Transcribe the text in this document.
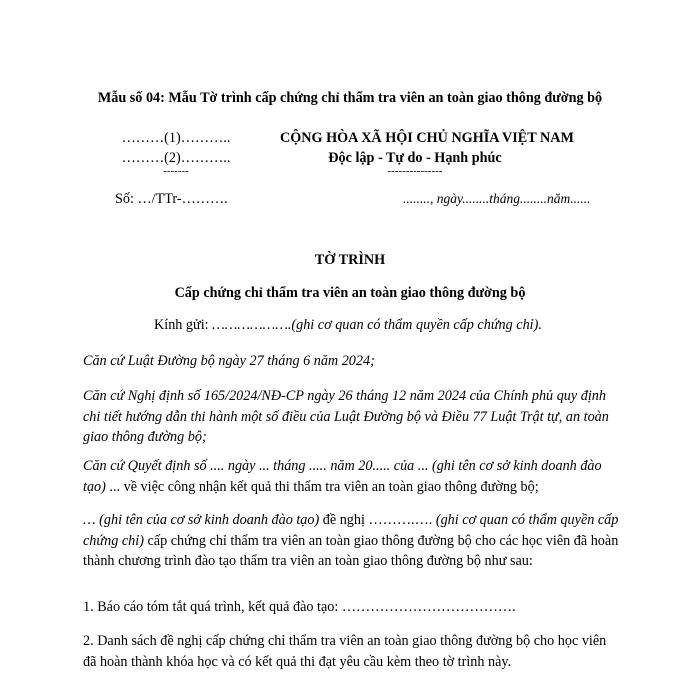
Mẫu số 04: Mẫu Tờ trình cấp chứng chỉ thẩm tra viên an toàn giao thông đường bộ
………(1)………..
………(2)………..
-------
Số: …/TTr-……….
CỘNG HÒA XÃ HỘI CHỦ NGHĨA VIỆT NAM
Độc lập - Tự do - Hạnh phúc
---------------
........, ngày........tháng........năm......
TỜ TRÌNH
Cấp chứng chỉ thẩm tra viên an toàn giao thông đường bộ
Kính gửi: ……………….(ghi cơ quan có thẩm quyền cấp chứng chỉ).
Căn cứ Luật Đường bộ ngày 27 tháng 6 năm 2024;
Căn cứ Nghị định số 165/2024/NĐ-CP ngày 26 tháng 12 năm 2024 của Chính phủ quy định chi tiết hướng dẫn thi hành một số điều của Luật Đường bộ và Điều 77 Luật Trật tự, an toàn giao thông đường bộ;
Căn cứ Quyết định số .... ngày ... tháng ..... năm 20..... của ... (ghi tên cơ sở kinh doanh đào tạo) ... về việc công nhận kết quả thi thẩm tra viên an toàn giao thông đường bộ;
… (ghi tên của cơ sở kinh doanh đào tạo) đề nghị ……….…. (ghi cơ quan có thẩm quyền cấp chứng chỉ) cấp chứng chỉ thẩm tra viên an toàn giao thông đường bộ cho các học viên đã hoàn thành chương trình đào tạo thẩm tra viên an toàn giao thông đường bộ như sau:
1. Báo cáo tóm tắt quá trình, kết quả đào tạo: ……………………………….
2. Danh sách đề nghị cấp chứng chỉ thẩm tra viên an toàn giao thông đường bộ cho học viên đã hoàn thành khóa học và có kết quả thi đạt yêu cầu kèm theo tờ trình này.
